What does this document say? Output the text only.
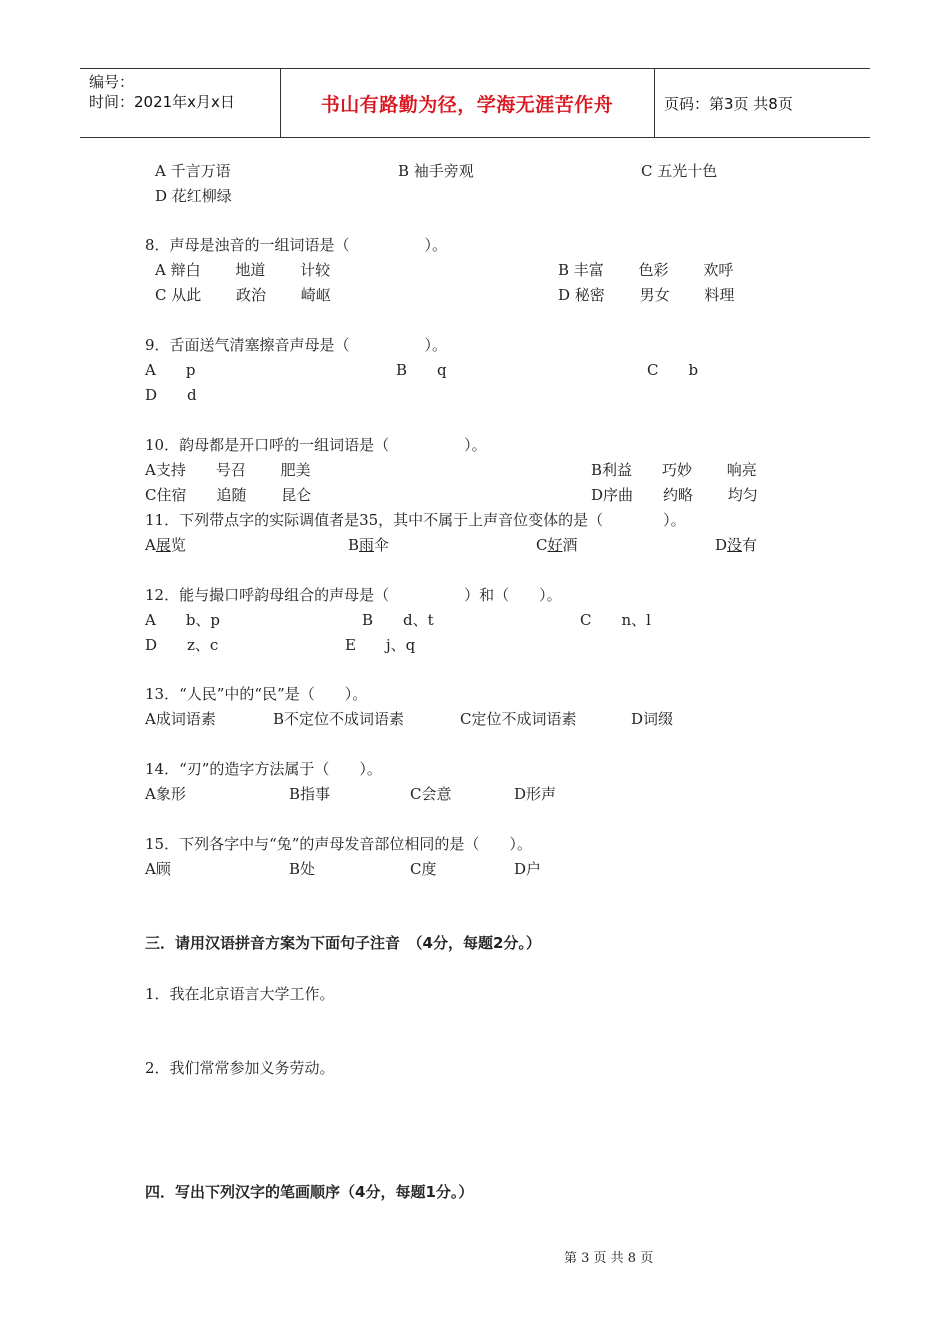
编号：
时间：2021年x月x日	书山有路勤为径，学海无涯苦作舟	页码：第3页 共8页
A 千言万语	B 袖手旁观	C 五光十色
D 花红柳绿
8．声母是浊音的一组词语是（　　　　　）。
A 辩白　　 地道　　 计较	B 丰富　　 色彩　　 欢呼
C 从此　　 政治　　 崎岖	D 秘密　　 男女　　 料理
9．舌面送气清塞擦音声母是（　　　　　）。
A　　p	B　　q	C　　b
D　　d
10．韵母都是开口呼的一组词语是（　　　　　）。
A支持　　号召　　 肥美	B利益　　巧妙　　 响亮
C住宿　　追随　　 昆仑	D序曲　　约略　　 均匀
11．下列带点字的实际调值者是35，其中不属于上声音位变体的是（　　　　）。
A展览	B雨伞	C好酒	D没有
12．能与撮口呼韵母组合的声母是（　　　　　）和（　　）。
A　　b、p	B　　d、t	C　　n、l
D　　z、c	E　　j、q
13．“人民”中的“民”是（　　）。
A成词语素	B不定位不成词语素	C定位不成词语素	D词缀
14．“刃”的造字方法属于（　　）。
A象形	B指事	C会意	D形声
15．下列各字中与“兔”的声母发音部位相同的是（　　）。
A顾	B处	C度	D户
三．请用汉语拼音方案为下面句子注音　（4分，每题2分。）
1．我在北京语言大学工作。
2．我们常常参加义务劳动。
四．写出下列汉字的笔画顺序（4分，每题1分。）
第 3 页 共 8 页
